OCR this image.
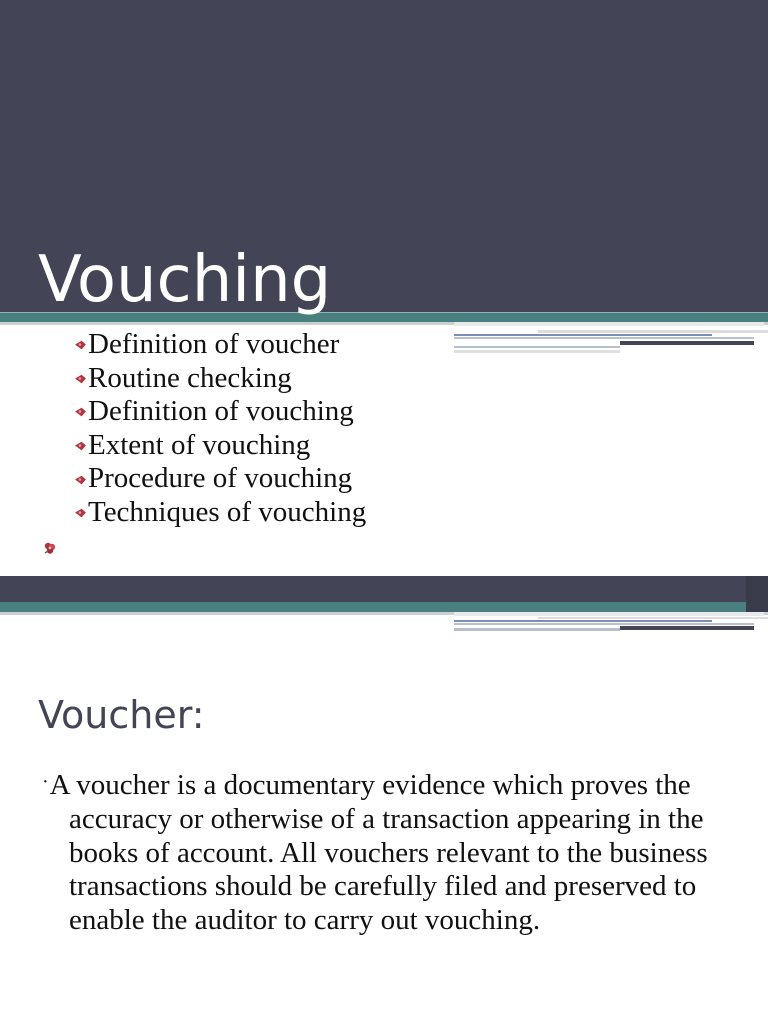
Vouching
Definition of voucher
Routine checking
Definition of vouching
Extent of vouching
Procedure of vouching
Techniques of vouching
Voucher:

·A voucher is a documentary evidence which proves the accuracy or otherwise of a transaction appearing in the books of account. All vouchers relevant to the business transactions should be carefully filed and preserved to enable the auditor to carry out vouching.
